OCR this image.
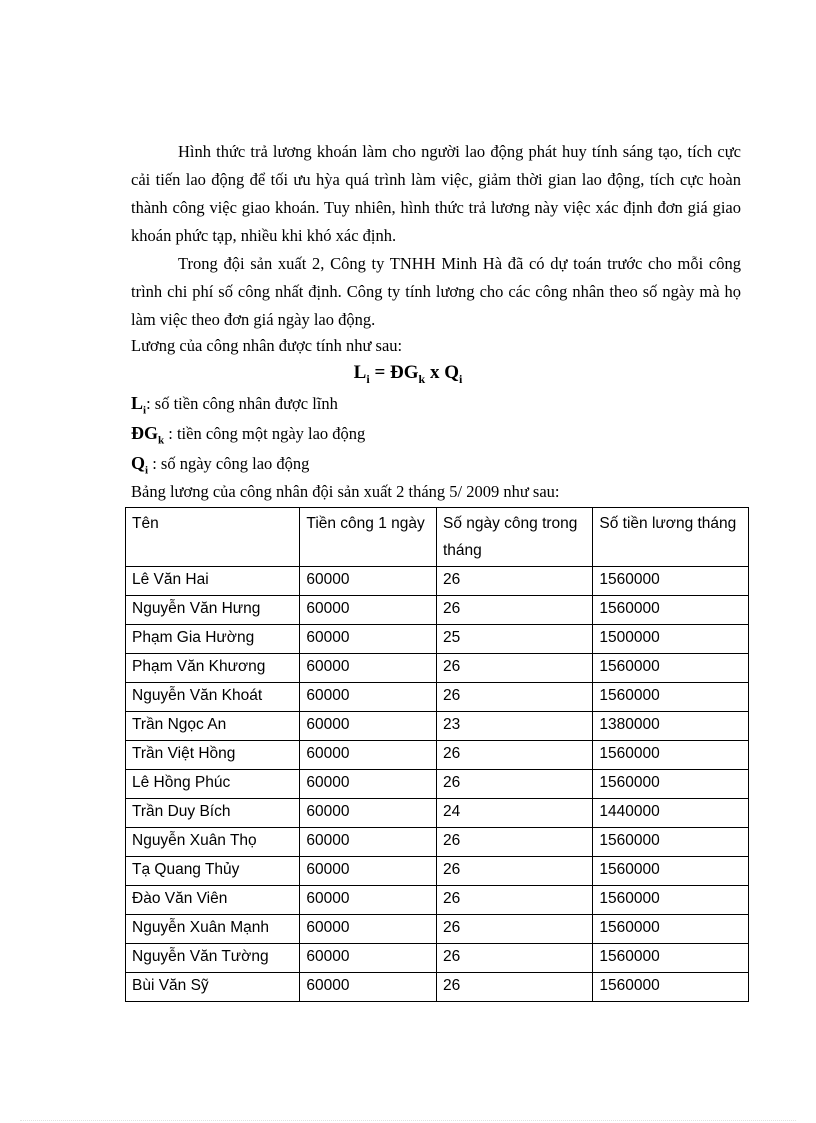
Hình thức trả lương khoán làm cho người lao động phát huy tính sáng tạo, tích cực cải tiến lao động để tối ưu hỳa quá trình làm việc, giảm thời gian lao động, tích cực hoàn thành công việc giao khoán. Tuy nhiên, hình thức trả lương này việc xác định đơn giá giao khoán phức tạp, nhiều khi khó xác định.

Trong đội sản xuất 2, Công ty TNHH Minh Hà đã có dự toán trước cho mỗi công trình chi phí số công nhất định. Công ty tính lương cho các công nhân theo số ngày mà họ làm việc theo đơn giá ngày lao động.

Lương của công nhân được tính như sau:

$L_i$ = $ĐG_k$ x $Q_i$
$L_i$: số tiền công nhân được lĩnh
$ĐG_k$ : tiền công một ngày lao động
$Q_i$ : số ngày công lao động

Bảng lương của công nhân đội sản xuất 2 tháng 5/ 2009 như sau:

Tên	Tiền công 1 ngày	Số ngày công trong tháng	Số tiền lương tháng
Lê Văn Hai	60000	26	1560000
Nguyễn Văn Hưng	60000	26	1560000
Phạm Gia Hường	60000	25	1500000
Phạm Văn Khương	60000	26	1560000
Nguyễn Văn Khoát	60000	26	1560000
Trần Ngọc An	60000	23	1380000
Trần Việt Hồng	60000	26	1560000
Lê Hồng Phúc	60000	26	1560000
Trần Duy Bích	60000	24	1440000
Nguyễn Xuân Thọ	60000	26	1560000
Tạ Quang Thủy	60000	26	1560000
Đào Văn Viên	60000	26	1560000
Nguyễn Xuân Mạnh	60000	26	1560000
Nguyễn Văn Tường	60000	26	1560000
Bùi Văn Sỹ	60000	26	1560000
